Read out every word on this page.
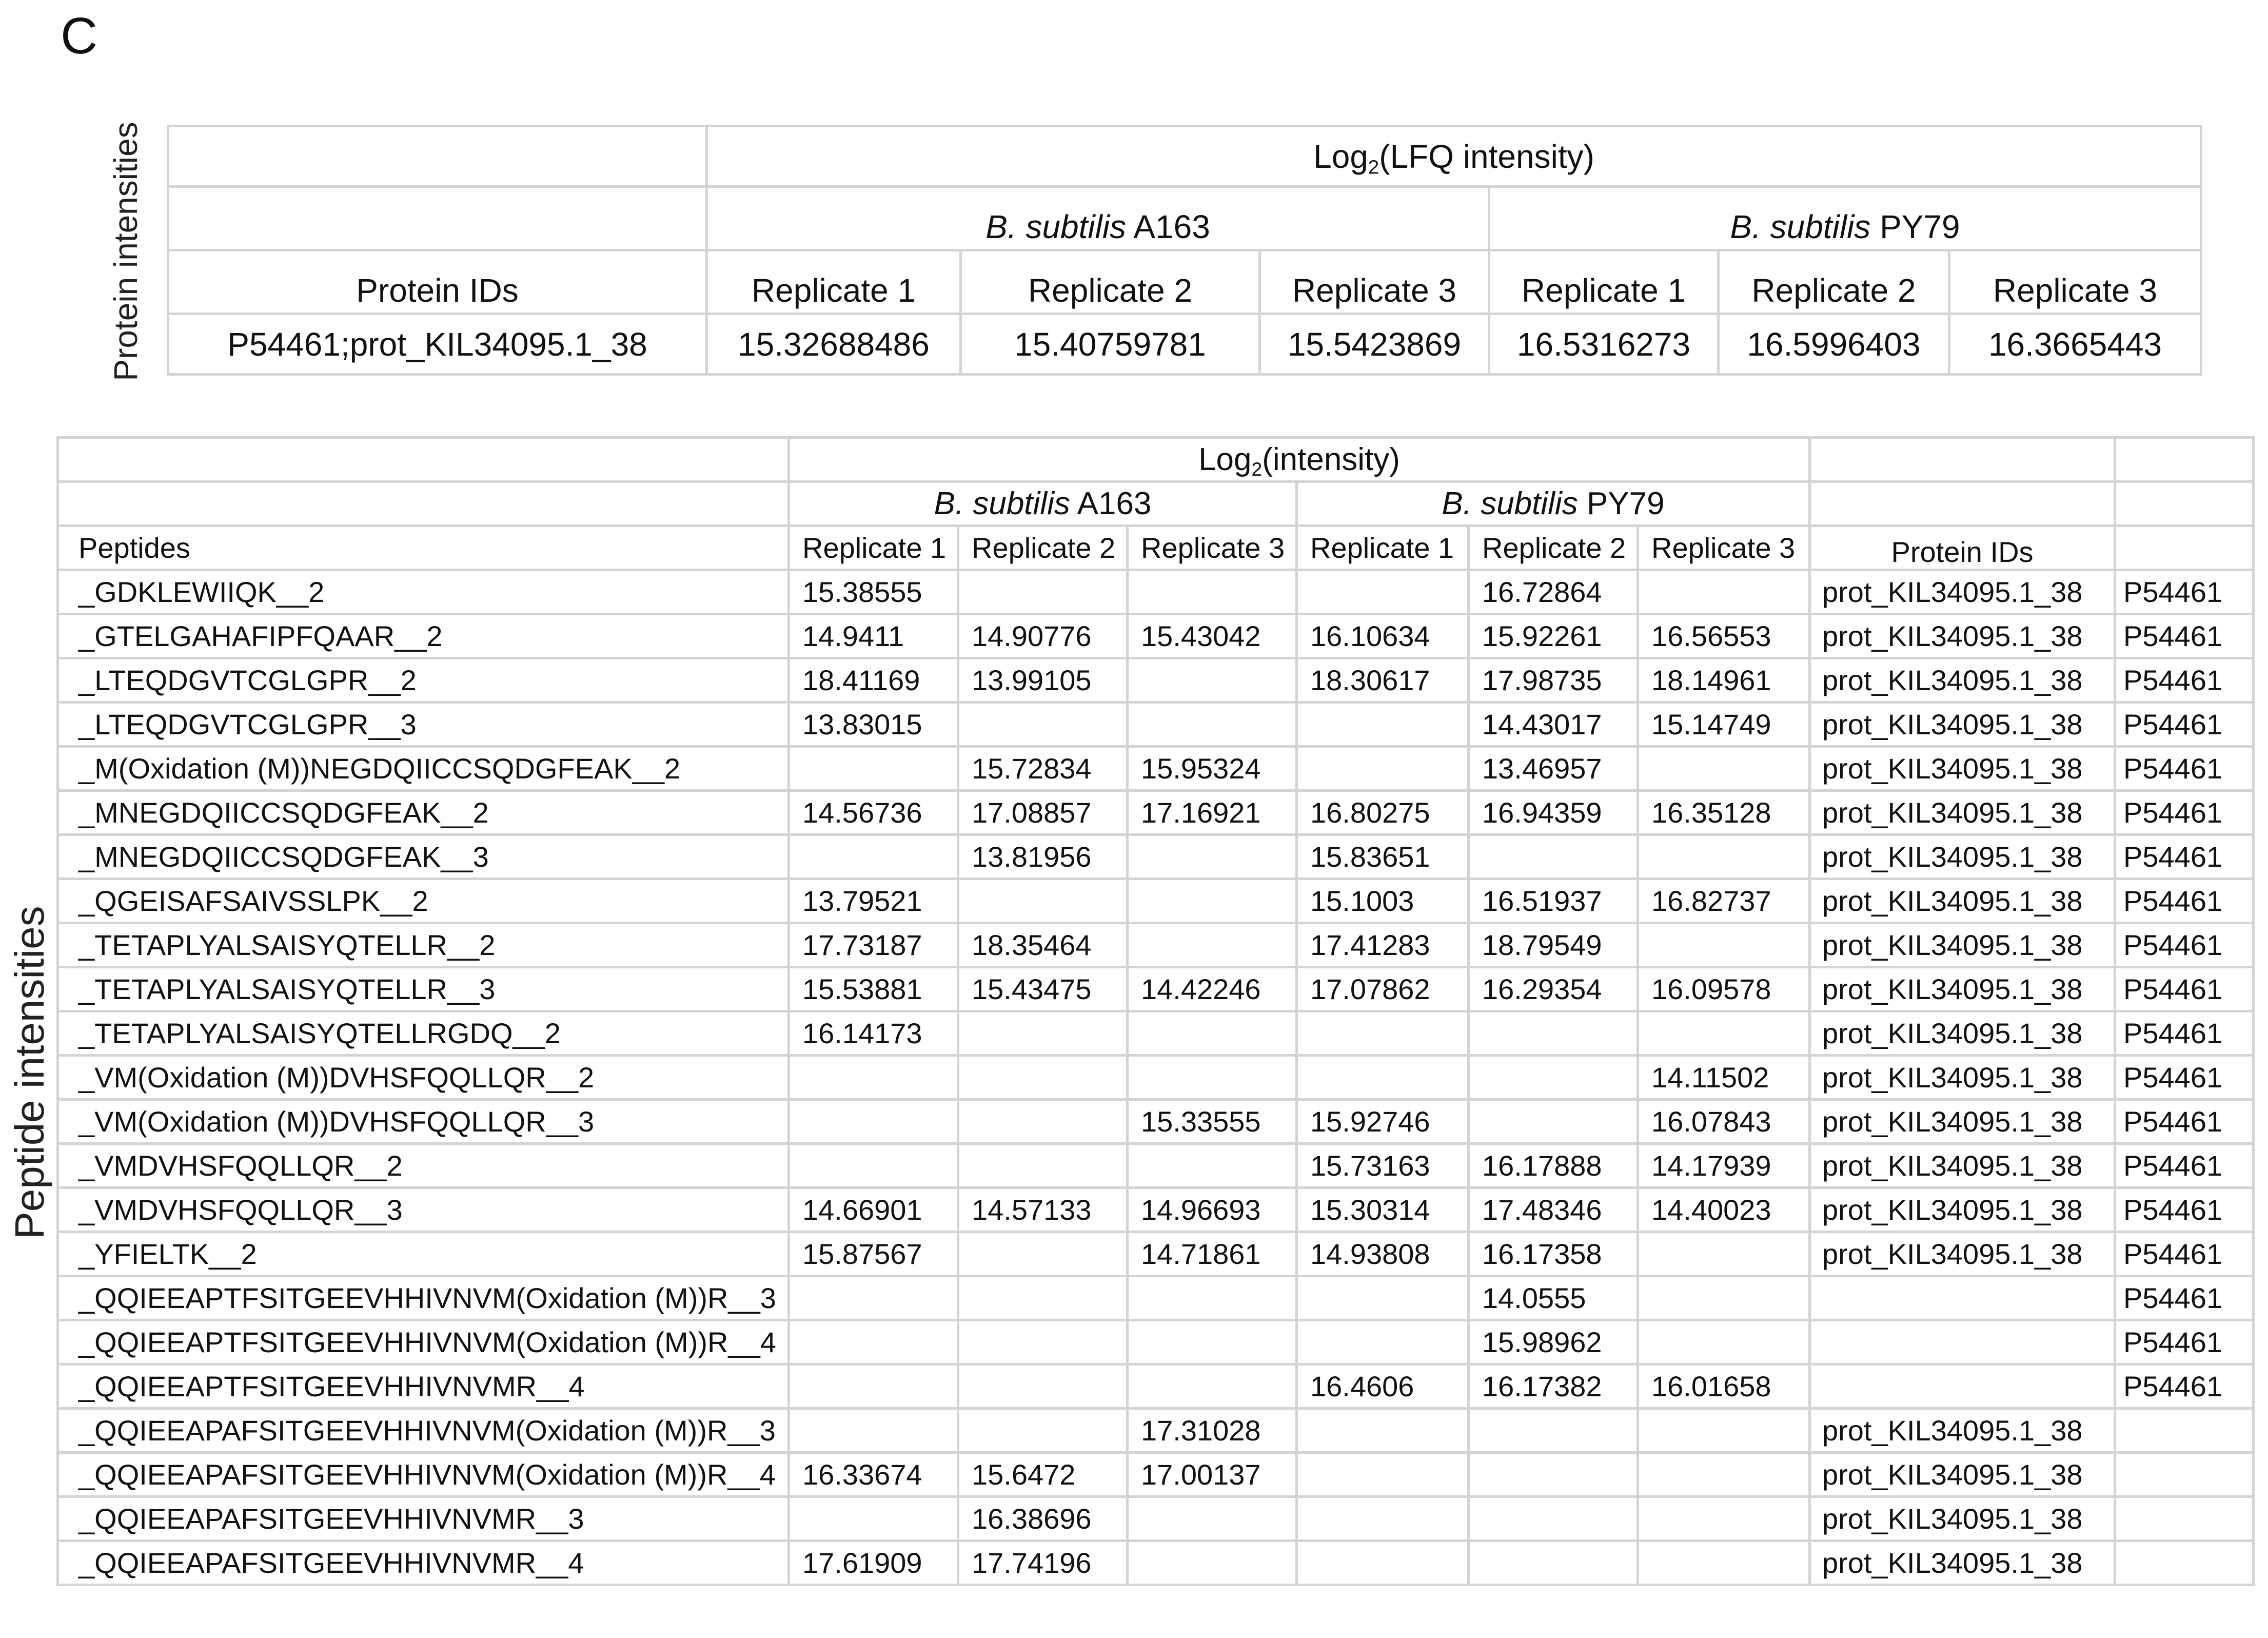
C
Protein intensities
Peptide intensities
	Log$_2$(LFQ intensity)					
	B. subtilis A163			B. subtilis PY79		
Protein IDs	Replicate 1	Replicate 2	Replicate 3	Replicate 1	Replicate 2	Replicate 3
P54461;prot_KIL34095.1_38	15.32688486	15.40759781	15.5423869	16.5316273	16.5996403	16.3665443
	Log$_2$(intensity)							
	B. subtilis A163			B. subtilis PY79				
Peptides	Replicate 1	Replicate 2	Replicate 3	Replicate 1	Replicate 2	Replicate 3	Protein IDs	
_GDKLEWIIQK__2	15.38555				16.72864		prot_KIL34095.1_38	P54461
_GTELGAHAFIPFQAAR__2	14.9411	14.90776	15.43042	16.10634	15.92261	16.56553	prot_KIL34095.1_38	P54461
_LTEQDGVTCGLGPR__2	18.41169	13.99105		18.30617	17.98735	18.14961	prot_KIL34095.1_38	P54461
_LTEQDGVTCGLGPR__3	13.83015				14.43017	15.14749	prot_KIL34095.1_38	P54461
_M(Oxidation (M))NEGDQIICCSQDGFEAK__2		15.72834	15.95324		13.46957		prot_KIL34095.1_38	P54461
_MNEGDQIICCSQDGFEAK__2	14.56736	17.08857	17.16921	16.80275	16.94359	16.35128	prot_KIL34095.1_38	P54461
_MNEGDQIICCSQDGFEAK__3		13.81956		15.83651			prot_KIL34095.1_38	P54461
_QGEISAFSAIVSSLPK__2	13.79521			15.1003	16.51937	16.82737	prot_KIL34095.1_38	P54461
_TETAPLYALSAISYQTELLR__2	17.73187	18.35464		17.41283	18.79549		prot_KIL34095.1_38	P54461
_TETAPLYALSAISYQTELLR__3	15.53881	15.43475	14.42246	17.07862	16.29354	16.09578	prot_KIL34095.1_38	P54461
_TETAPLYALSAISYQTELLRGDQ__2	16.14173						prot_KIL34095.1_38	P54461
_VM(Oxidation (M))DVHSFQQLLQR__2						14.11502	prot_KIL34095.1_38	P54461
_VM(Oxidation (M))DVHSFQQLLQR__3			15.33555	15.92746		16.07843	prot_KIL34095.1_38	P54461
_VMDVHSFQQLLQR__2				15.73163	16.17888	14.17939	prot_KIL34095.1_38	P54461
_VMDVHSFQQLLQR__3	14.66901	14.57133	14.96693	15.30314	17.48346	14.40023	prot_KIL34095.1_38	P54461
_YFIELTK__2	15.87567		14.71861	14.93808	16.17358		prot_KIL34095.1_38	P54461
_QQIEEAPTFSITGEEVHHIVNVM(Oxidation (M))R__3					14.0555			P54461
_QQIEEAPTFSITGEEVHHIVNVM(Oxidation (M))R__4					15.98962			P54461
_QQIEEAPTFSITGEEVHHIVNVMR__4				16.4606	16.17382	16.01658		P54461
_QQIEEAPAFSITGEEVHHIVNVM(Oxidation (M))R__3			17.31028				prot_KIL34095.1_38	
_QQIEEAPAFSITGEEVHHIVNVM(Oxidation (M))R__4	16.33674	15.6472	17.00137				prot_KIL34095.1_38	
_QQIEEAPAFSITGEEVHHIVNVMR__3		16.38696					prot_KIL34095.1_38	
_QQIEEAPAFSITGEEVHHIVNVMR__4	17.61909	17.74196					prot_KIL34095.1_38	
